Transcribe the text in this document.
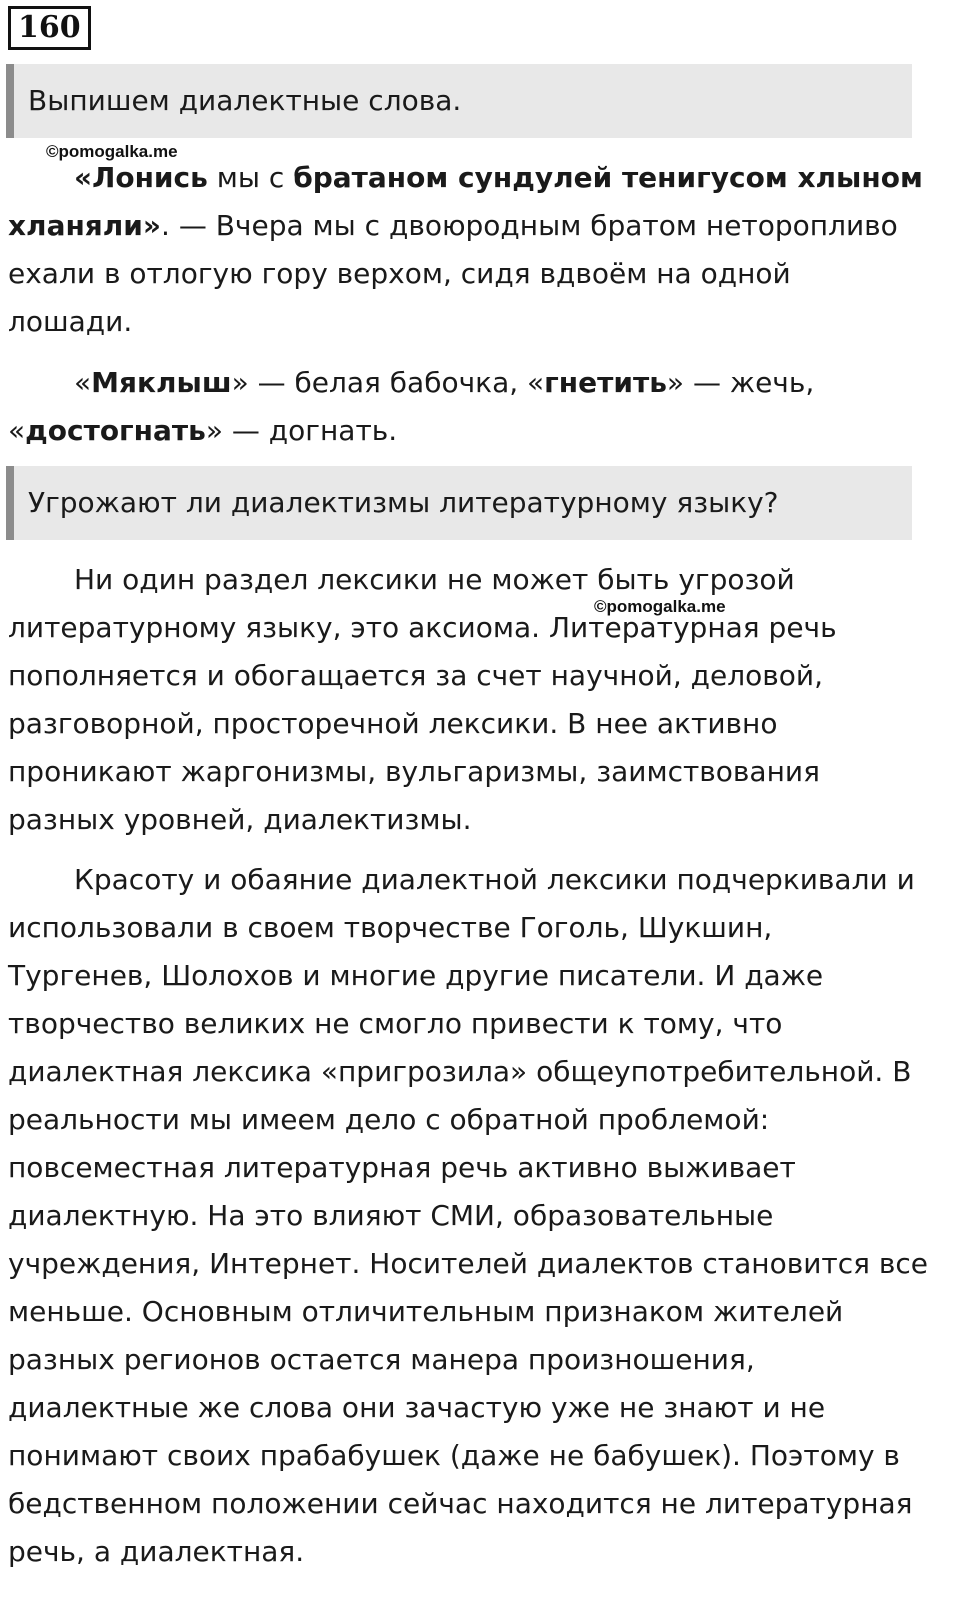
160
Выпишем диалектные слова.
©pomogalka.me
«Лонись мы с братаном сундулей тенигусом хлыном
хланяли». — Вчера мы с двоюродным братом неторопливо
ехали в отлогую гору верхом, сидя вдвоём на одной
лошади.
«Мяклыш» — белая бабочка, «гнетить» — жечь,
«достогнать» — догнать.
Угрожают ли диалектизмы литературному языку?
Ни один раздел лексики не может быть угрозой
литературному языку, это аксиома. Литературная речь
пополняется и обогащается за счет научной, деловой,
разговорной, просторечной лексики. В нее активно
проникают жаргонизмы, вульгаризмы, заимствования
разных уровней, диалектизмы.
©pomogalka.me
Красоту и обаяние диалектной лексики подчеркивали и
использовали в своем творчестве Гоголь, Шукшин,
Тургенев, Шолохов и многие другие писатели. И даже
творчество великих не смогло привести к тому, что
диалектная лексика «пригрозила» общеупотребительной. В
реальности мы имеем дело с обратной проблемой:
повсеместная литературная речь активно выживает
диалектную. На это влияют СМИ, образовательные
учреждения, Интернет. Носителей диалектов становится все
меньше. Основным отличительным признаком жителей
разных регионов остается манера произношения,
диалектные же слова они зачастую уже не знают и не
понимают своих прабабушек (даже не бабушек). Поэтому в
бедственном положении сейчас находится не литературная
речь, а диалектная.
